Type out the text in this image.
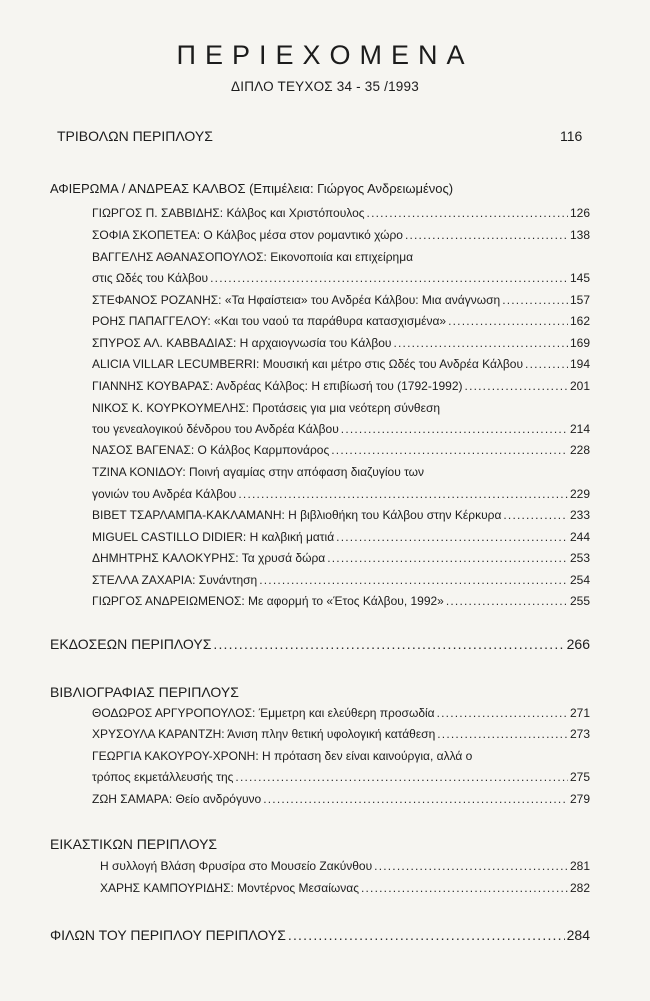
ΠΕΡΙΕΧΟΜΕΝΑ
ΔΙΠΛΟ ΤΕΥΧΟΣ 34 - 35 /1993
ΤΡΙΒΟΛΩΝ ΠΕΡΙΠΛΟΥΣ	116
ΑΦΙΕΡΩΜΑ / ΑΝΔΡΕΑΣ ΚΑΛΒΟΣ (Επιμέλεια: Γιώργος Ανδρειωμένος)
ΓΙΩΡΓΟΣ Π. ΣΑΒΒΙΔΗΣ: Κάλβος και Χριστόπουλος .....	126
ΣΟΦΙΑ ΣΚΟΠΕΤΕΑ: Ο Κάλβος μέσα στον ρομαντικό χώρο .....	138
ΒΑΓΓΕΛΗΣ ΑΘΑΝΑΣΟΠΟΥΛΟΣ: Εικονοποιία και επιχείρημα
στις Ωδές του Κάλβου .....	145
ΣΤΕΦΑΝΟΣ ΡΟΖΑΝΗΣ: «Τα Ηφαίστεια» του Ανδρέα Κάλβου: Μια ανάγνωση .....	157
ΡΟΗΣ ΠΑΠΑΓΓΕΛΟΥ: «Και του ναού τα παράθυρα κατασχισμένα» .....	162
ΣΠΥΡΟΣ ΑΛ. ΚΑΒΒΑΔΙΑΣ: Η αρχαιογνωσία του Κάλβου .....	169
ALICIA VILLAR LECUMBERRI: Μουσική και μέτρο στις Ωδές του Ανδρέα Κάλβου .....	194
ΓΙΑΝΝΗΣ ΚΟΥΒΑΡΑΣ: Ανδρέας Κάλβος: Η επιβίωσή του (1792-1992) .....	201
ΝΙΚΟΣ Κ. ΚΟΥΡΚΟΥΜΕΛΗΣ: Προτάσεις για μια νεότερη σύνθεση
του γενεαλογικού δένδρου του Ανδρέα Κάλβου .....	214
ΝΑΣΟΣ ΒΑΓΕΝΑΣ: Ο Κάλβος Καρμπονάρος .....	228
ΤΖΙΝΑ ΚΟΝΙΔΟΥ: Ποινή αγαμίας στην απόφαση διαζυγίου των
γονιών του Ανδρέα Κάλβου .....	229
ΒΙΒΕΤ ΤΣΑΡΛΑΜΠΑ-ΚΑΚΛΑΜΑΝΗ: Η βιβλιοθήκη του Κάλβου στην Κέρκυρα .....	233
MIGUEL CASTILLO DIDIER: Η καλβική ματιά .....	244
ΔΗΜΗΤΡΗΣ ΚΑΛΟΚΥΡΗΣ: Τα χρυσά δώρα .....	253
ΣΤΕΛΛΑ ΖΑΧΑΡΙΑ: Συνάντηση .....	254
ΓΙΩΡΓΟΣ ΑΝΔΡΕΙΩΜΕΝΟΣ: Με αφορμή το «Έτος Κάλβου, 1992» .....	255
ΕΚΔΟΣΕΩΝ ΠΕΡΙΠΛΟΥΣ .....	266
ΒΙΒΛΙΟΓΡΑΦΙΑΣ ΠΕΡΙΠΛΟΥΣ
ΘΟΔΩΡΟΣ ΑΡΓΥΡΟΠΟΥΛΟΣ: Έμμετρη και ελεύθερη προσωδία .....	271
ΧΡΥΣΟΥΛΑ ΚΑΡΑΝΤΖΗ: Άνιση πλην θετική υφολογική κατάθεση .....	273
ΓΕΩΡΓΙΑ ΚΑΚΟΥΡΟΥ-ΧΡΟΝΗ: Η πρόταση δεν είναι καινούργια, αλλά ο
τρόπος εκμετάλλευσής της .....	275
ΖΩΗ ΣΑΜΑΡΑ: Θείο ανδρόγυνο .....	279
ΕΙΚΑΣΤΙΚΩΝ ΠΕΡΙΠΛΟΥΣ
Η συλλογή Βλάση Φρυσίρα στο Μουσείο Ζακύνθου .....	281
ΧΑΡΗΣ ΚΑΜΠΟΥΡΙΔΗΣ: Μοντέρνος Μεσαίωνας .....	282
ΦΙΛΩΝ ΤΟΥ ΠΕΡΙΠΛΟΥ ΠΕΡΙΠΛΟΥΣ .....	284
